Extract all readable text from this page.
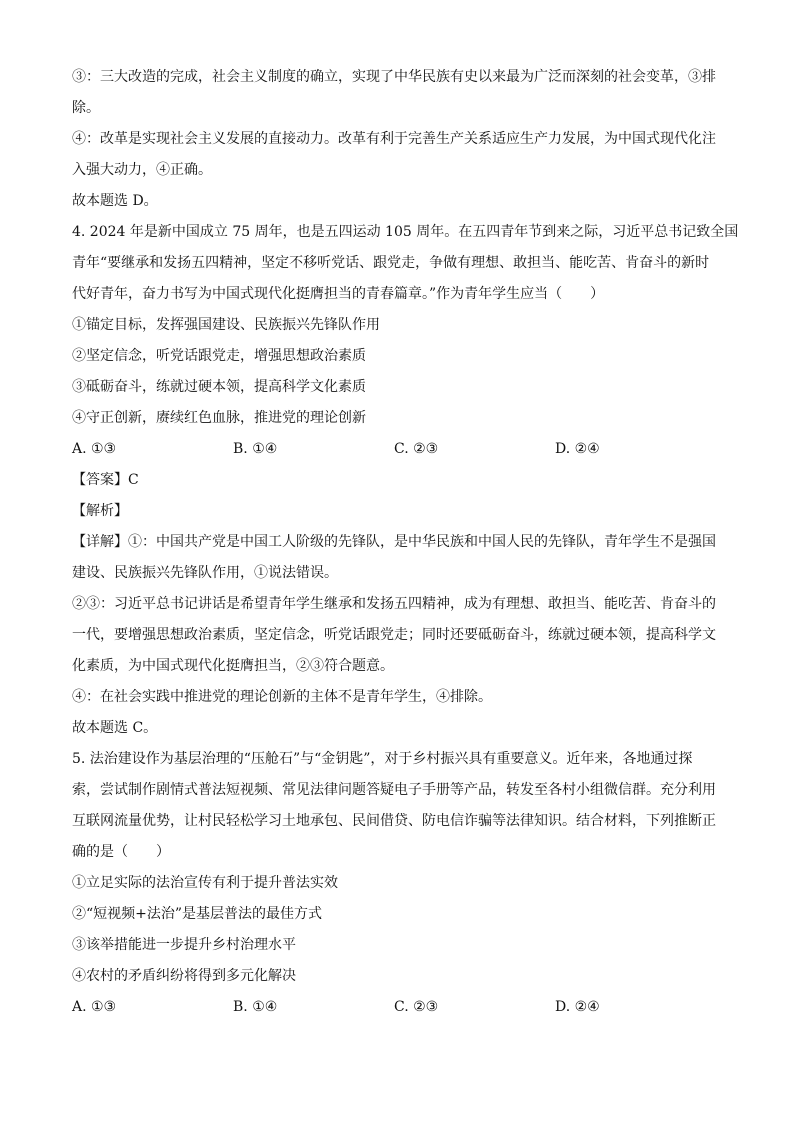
③：三大改造的完成，社会主义制度的确立，实现了中华民族有史以来最为广泛而深刻的社会变革，③排
除。
④：改革是实现社会主义发展的直接动力。改革有利于完善生产关系适应生产力发展，为中国式现代化注
入强大动力，④正确。
故本题选 D。
4. 2024 年是新中国成立 75 周年，也是五四运动 105 周年。在五四青年节到来之际，习近平总书记致全国
青年“要继承和发扬五四精神，坚定不移听党话、跟党走，争做有理想、敢担当、能吃苦、肯奋斗的新时
代好青年，奋力书写为中国式现代化挺膺担当的青春篇章。”作为青年学生应当（　　）
①锚定目标，发挥强国建设、民族振兴先锋队作用
②坚定信念，听党话跟党走，增强思想政治素质
③砥砺奋斗，练就过硬本领，提高科学文化素质
④守正创新，赓续红色血脉，推进党的理论创新
A. ①③	B. ①④	C. ②③	D. ②④
【答案】C
【解析】
【详解】①：中国共产党是中国工人阶级的先锋队，是中华民族和中国人民的先锋队，青年学生不是强国
建设、民族振兴先锋队作用，①说法错误。
②③：习近平总书记讲话是希望青年学生继承和发扬五四精神，成为有理想、敢担当、能吃苦、肯奋斗的
一代，要增强思想政治素质，坚定信念，听党话跟党走；同时还要砥砺奋斗，练就过硬本领，提高科学文
化素质，为中国式现代化挺膺担当，②③符合题意。
④：在社会实践中推进党的理论创新的主体不是青年学生，④排除。
故本题选 C。
5. 法治建设作为基层治理的“压舱石”与“金钥匙”，对于乡村振兴具有重要意义。近年来，各地通过探
索，尝试制作剧情式普法短视频、常见法律问题答疑电子手册等产品，转发至各村小组微信群。充分利用
互联网流量优势，让村民轻松学习土地承包、民间借贷、防电信诈骗等法律知识。结合材料，下列推断正
确的是（　　）
①立足实际的法治宣传有利于提升普法实效
②“短视频+法治”是基层普法的最佳方式
③该举措能进一步提升乡村治理水平
④农村的矛盾纠纷将得到多元化解决
A. ①③	B. ①④	C. ②③	D. ②④
